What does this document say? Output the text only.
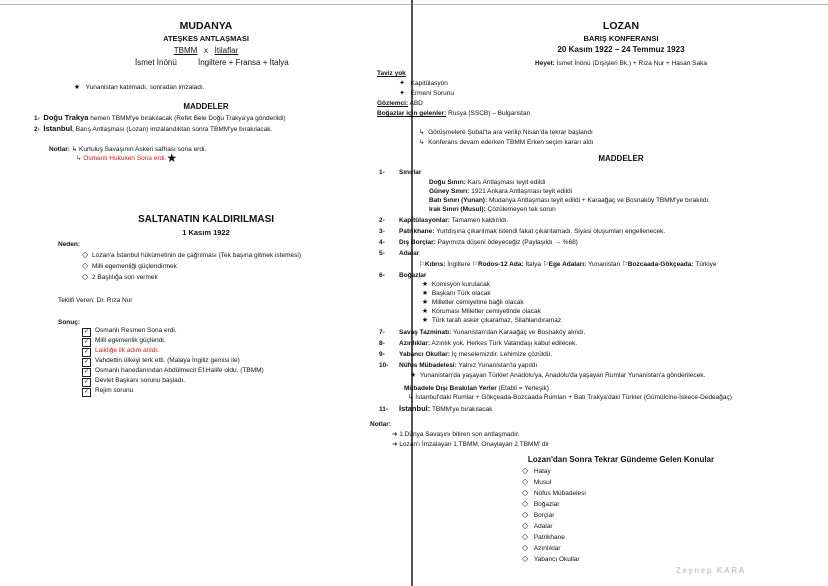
MUDANYA
ATEŞKES ANTLAŞMASI
TBMM x İtilaflar
İsmet İnönü	İngiltere + Fransa + İtalya
★ Yunanistan katılmadı, sonradan imzaladı.
MADDELER
1- Doğu Trakya hemen TBMM'ye bırakılacak (Refet Bele Doğu Trakya'ya gönderildi)
2- İstanbul, Barış Antlaşması (Lozan) imzalandıktan sonra TBMM'ye bırakılacak.
Notlar: ↳ Kurtuluş Savaşının Askeri safhası sona erdi.
↳ Osmanlı Hukuken Sona erdi.★
SALTANATIN KALDIRILMASI
1 Kasım 1922
Neden:
◇ Lozan'a İstanbul hükümetinin de çağrılması (Tek başına gitmek istemesi)
◇ Milli egemenliği güçlendirmek
◇ 2 Başlılığa son vermek
Teklifi Veren: Dr. Rıza Nur
Sonuç:
✓ Osmanlı Resmen Sona erdi.
✓ Milli egemenlik güçlendi.
✓ Laikliğe ilk adım atıldı.
✓ Vahdettin ülkeyi terk etti. (Malaya İngiliz gemisi ile)
✓ Osmanlı hanedanından Abdülmecit Ef.Halife oldu. (TBMM)
✓ Devlet Başkanı sorunu başladı.
✓ Rejim sorunu
LOZAN
BARIŞ KONFERANSI
20 Kasım 1922 – 24 Temmuz 1923
Heyet: İsmet İnönü (Dışişleri Bk.) + Rıza Nur + Hasan Saka
Taviz yok
✦ Kapitülasyon
✦ Ermeni Sorunu
Gözlemci: ABD
Boğazlar için gelenler: Rusya (SSCB) – Bulgaristan
↳ Görüşmelere Şubat'ta ara verilip Nisan'da tekrar başlandı
↳ Konferans devam ederken TBMM Erken seçim kararı aldı
MADDELER
1- Sınırlar
Doğu Sınırı: Kars Antlaşması teyit edildi
Güney Sınırı: 1921 Ankara Antlaşması teyit edildi
Batı Sınırı (Yunan): Mudanya Antlaşması teyit edildi + Karaağaç ve Bosnaköy TBMM'ye bırakıldı.
Irak Sınırı (Musul): Çözülemeyen tek sorun
2- Kapitülasyonlar: Tamamen kaldırıldı.
3- Patrikhane: Yurtdışına çıkarılmak istendi fakat çıkarılamadı. Siyasi oluşumları engellenecek.
4- Dış Borçlar: Payımıza düşeni ödeyeceğiz (Paylaşıldı → %68)
5- Adalar
⚐Kıbrıs: İngiltere ⚐Rodos-12 Ada: İtalya ⚐Ege Adaları: Yunanistan ⚐Bozcaada-Gökçeada: Türkiye
6- Boğazlar
★ Komisyon kurulacak
★ Başkanı Türk olacak
★ Milletler cemiyetine bağlı olacak
★ Koruması Milletler cemiyetinde olacak
★ Türk tarafı asker çıkaramaz, Silahlandıramaz
7- Savaş Tazminatı: Yunanistan'dan Karaağaç ve Bosnaköy alındı.
8- Azınlıklar: Azınlık yok, Herkes Türk Vatandaşı kabul edilecek.
9- Yabancı Okullar: İç meselemizdir. Lehimize çözüldü.
10- Nüfus Mübadelesi: Yalnız Yunanistan'la yapıldı
★ Yunanistan'da yaşayan Türkler Anadolu'ya, Anadolu'da yaşayan Rumlar Yunanistan'a gönderilecek.
Mübadele Dışı Bırakılan Yerler (Etabli = Yerleşik)
↳ İstanbul'daki Rumlar + Gökçeada-Bozcaada Rumları + Batı Trakya'daki Türkler (Gümülcine-İskece-Dedeağaç)
11- İstanbul: TBMM'ye bırakılacak
Notlar:
➔ 1.Dünya Savaşını bitiren son antlaşmadır.
➔ Lozan'ı İmzalayan 1.TBMM, Onaylayan 2.TBMM' dir
Lozan'dan Sonra Tekrar Gündeme Gelen Konular
◇ Hatay
◇ Musul
◇ Nüfus Mübadelesi
◇ Boğazlar
◇ Borçlar
◇ Adalar
◇ Patrikhane
◇ Azınlıklar
◇ Yabancı Okullar
Zeynep KARA
